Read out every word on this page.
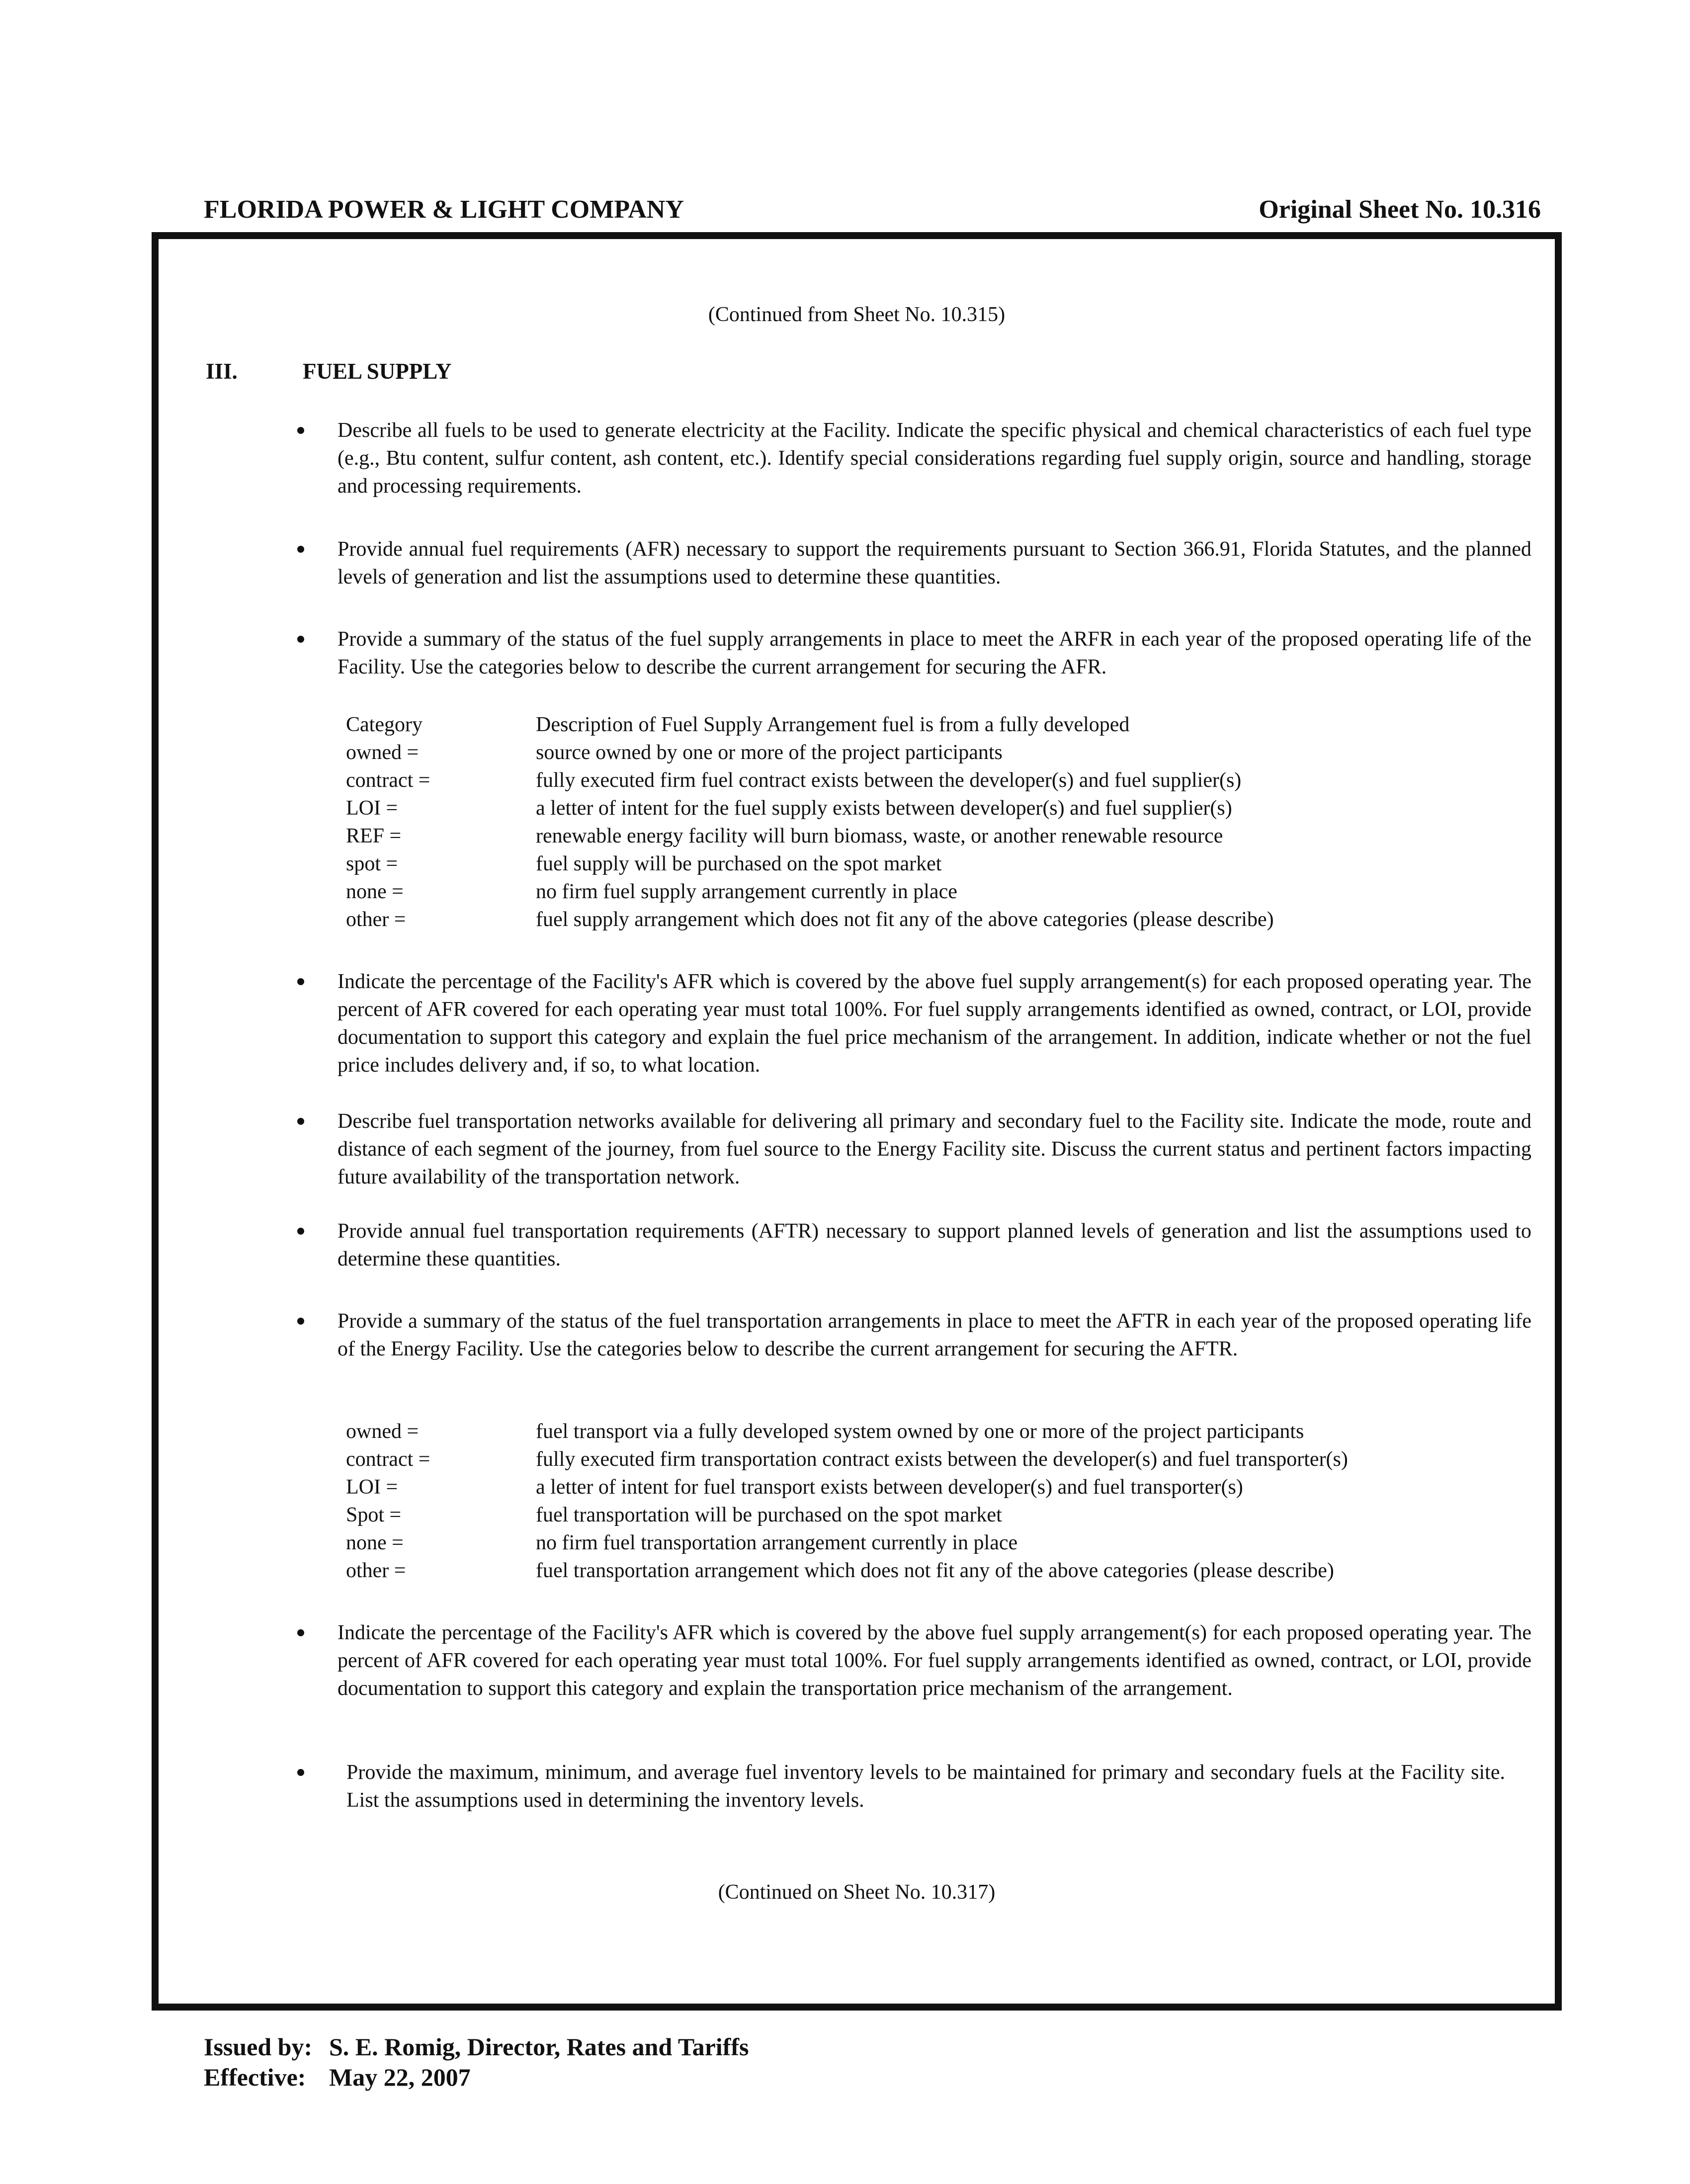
FLORIDA POWER & LIGHT COMPANY	Original Sheet No. 10.316
(Continued from Sheet No. 10.315)
III.	FUEL SUPPLY
Describe all fuels to be used to generate electricity at the Facility. Indicate the specific physical and chemical characteristics of each fuel type (e.g., Btu content, sulfur content, ash content, etc.). Identify special considerations regarding fuel supply origin, source and handling, storage and processing requirements.
Provide annual fuel requirements (AFR) necessary to support the requirements pursuant to Section 366.91, Florida Statutes, and the planned levels of generation and list the assumptions used to determine these quantities.
Provide a summary of the status of the fuel supply arrangements in place to meet the ARFR in each year of the proposed operating life of the Facility. Use the categories below to describe the current arrangement for securing the AFR.
Category	Description of Fuel Supply Arrangement fuel is from a fully developed
owned =	source owned by one or more of the project participants
contract =	fully executed firm fuel contract exists between the developer(s) and fuel supplier(s)
LOI =	a letter of intent for the fuel supply exists between developer(s) and fuel supplier(s)
REF =	renewable energy facility will burn biomass, waste, or another renewable resource
spot =	fuel supply will be purchased on the spot market
none =	no firm fuel supply arrangement currently in place
other =	fuel supply arrangement which does not fit any of the above categories (please describe)
Indicate the percentage of the Facility's AFR which is covered by the above fuel supply arrangement(s) for each proposed operating year. The percent of AFR covered for each operating year must total 100%. For fuel supply arrangements identified as owned, contract, or LOI, provide documentation to support this category and explain the fuel price mechanism of the arrangement. In addition, indicate whether or not the fuel price includes delivery and, if so, to what location.
Describe fuel transportation networks available for delivering all primary and secondary fuel to the Facility site. Indicate the mode, route and distance of each segment of the journey, from fuel source to the Energy Facility site. Discuss the current status and pertinent factors impacting future availability of the transportation network.
Provide annual fuel transportation requirements (AFTR) necessary to support planned levels of generation and list the assumptions used to determine these quantities.
Provide a summary of the status of the fuel transportation arrangements in place to meet the AFTR in each year of the proposed operating life of the Energy Facility. Use the categories below to describe the current arrangement for securing the AFTR.
owned =	fuel transport via a fully developed system owned by one or more of the project participants
contract =	fully executed firm transportation contract exists between the developer(s) and fuel transporter(s)
LOI =	a letter of intent for fuel transport exists between developer(s) and fuel transporter(s)
Spot =	fuel transportation will be purchased on the spot market
none =	no firm fuel transportation arrangement currently in place
other =	fuel transportation arrangement which does not fit any of the above categories (please describe)
Indicate the percentage of the Facility's AFR which is covered by the above fuel supply arrangement(s) for each proposed operating year. The percent of AFR covered for each operating year must total 100%. For fuel supply arrangements identified as owned, contract, or LOI, provide documentation to support this category and explain the transportation price mechanism of the arrangement.
Provide the maximum, minimum, and average fuel inventory levels to be maintained for primary and secondary fuels at the Facility site. List the assumptions used in determining the inventory levels.
(Continued on Sheet No. 10.317)
Issued by: S. E. Romig, Director, Rates and Tariffs
Effective: May 22, 2007
